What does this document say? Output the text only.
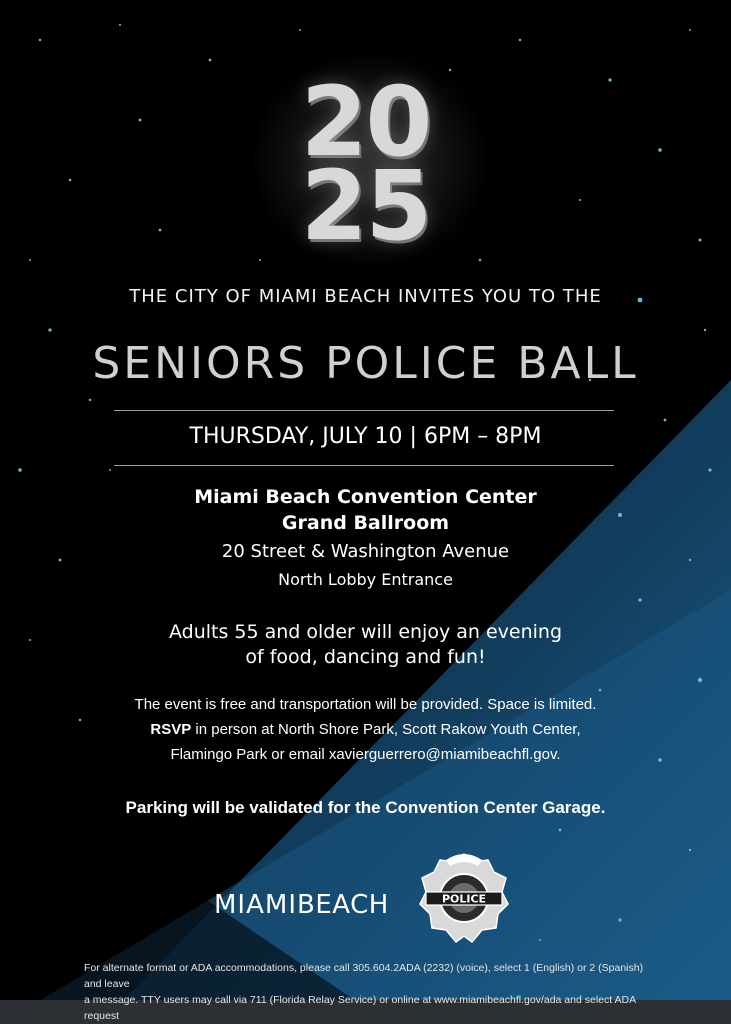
20
25
THE CITY OF MIAMI BEACH INVITES YOU TO THE
SENIORS POLICE BALL
THURSDAY, JULY 10 | 6PM – 8PM
Miami Beach Convention Center
Grand Ballroom
20 Street & Washington Avenue
North Lobby Entrance
Adults 55 and older will enjoy an evening
of food, dancing and fun!
The event is free and transportation will be provided. Space is limited.
RSVP in person at North Shore Park, Scott Rakow Youth Center,
Flamingo Park or email xavierguerrero@miamibeachfl.gov.
Parking will be validated for the Convention Center Garage.
MIAMIBEACH	POLICE
For alternate format or ADA accommodations, please call 305.604.2ADA (2232) (voice), select 1 (English) or 2 (Spanish) and leave
a message. TTY users may call via 711 (Florida Relay Service) or online at www.miamibeachfl.gov/ada and select ADA request
